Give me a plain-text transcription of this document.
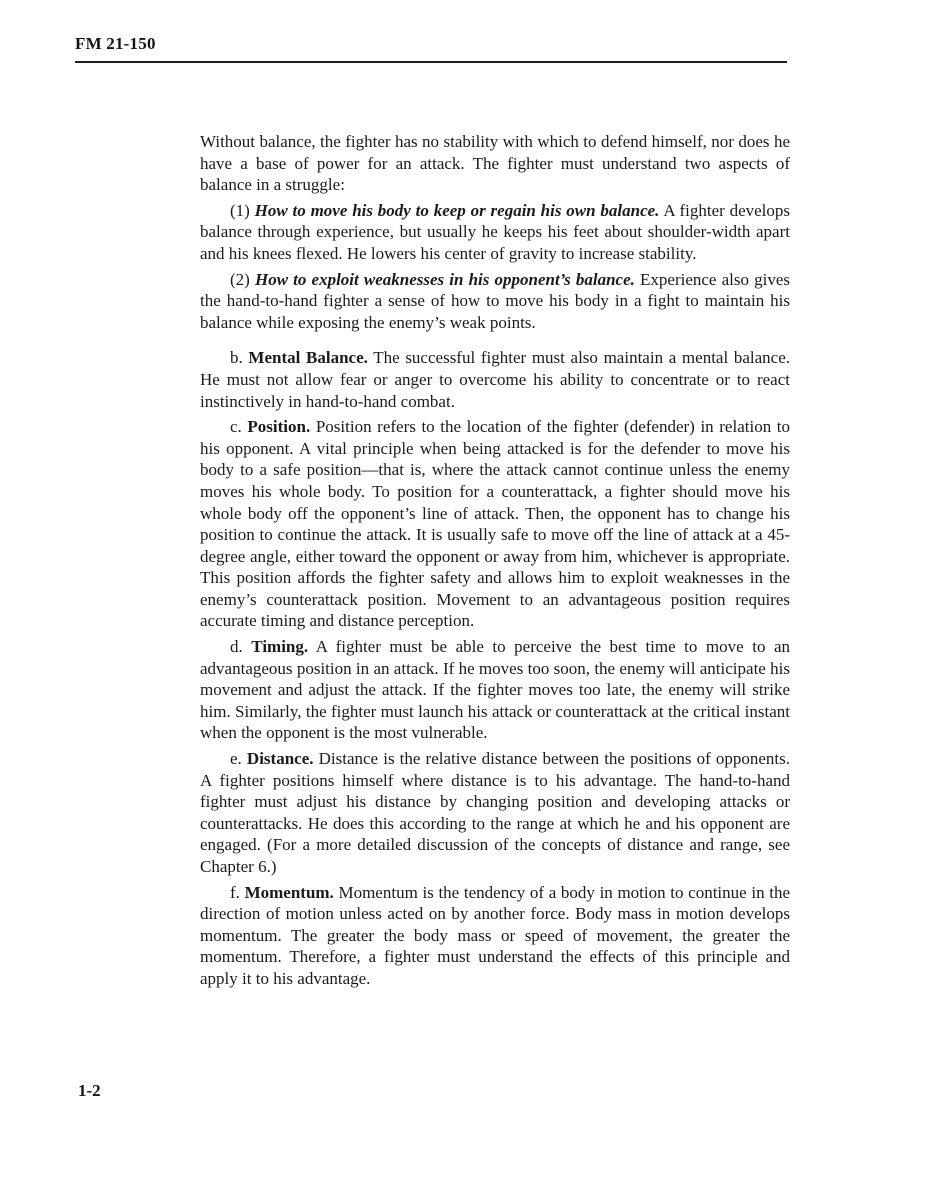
FM 21-150

Without balance, the fighter has no stability with which to defend himself, nor does he have a base of power for an attack. The fighter must understand two aspects of balance in a struggle:

(1) How to move his body to keep or regain his own balance. A fighter develops balance through experience, but usually he keeps his feet about shoulder-width apart and his knees flexed. He lowers his center of gravity to increase stability.

(2) How to exploit weaknesses in his opponent’s balance. Experience also gives the hand-to-hand fighter a sense of how to move his body in a fight to maintain his balance while exposing the enemy’s weak points.

b. Mental Balance. The successful fighter must also maintain a mental balance. He must not allow fear or anger to overcome his ability to concentrate or to react instinctively in hand-to-hand combat.

c. Position. Position refers to the location of the fighter (defender) in relation to his opponent. A vital principle when being attacked is for the defender to move his body to a safe position—that is, where the attack cannot continue unless the enemy moves his whole body. To position for a counterattack, a fighter should move his whole body off the opponent’s line of attack. Then, the opponent has to change his position to continue the attack. It is usually safe to move off the line of attack at a 45-degree angle, either toward the opponent or away from him, whichever is appropriate. This position affords the fighter safety and allows him to exploit weaknesses in the enemy’s counterattack position. Movement to an advantageous position requires accurate timing and distance perception.

d. Timing. A fighter must be able to perceive the best time to move to an advantageous position in an attack. If he moves too soon, the enemy will anticipate his movement and adjust the attack. If the fighter moves too late, the enemy will strike him. Similarly, the fighter must launch his attack or counterattack at the critical instant when the opponent is the most vulnerable.

e. Distance. Distance is the relative distance between the positions of opponents. A fighter positions himself where distance is to his advantage. The hand-to-hand fighter must adjust his distance by changing position and developing attacks or counterattacks. He does this according to the range at which he and his opponent are engaged. (For a more detailed discussion of the concepts of distance and range, see Chapter 6.)

f. Momentum. Momentum is the tendency of a body in motion to continue in the direction of motion unless acted on by another force. Body mass in motion develops momentum. The greater the body mass or speed of movement, the greater the momentum. Therefore, a fighter must understand the effects of this principle and apply it to his advantage.

1-2
